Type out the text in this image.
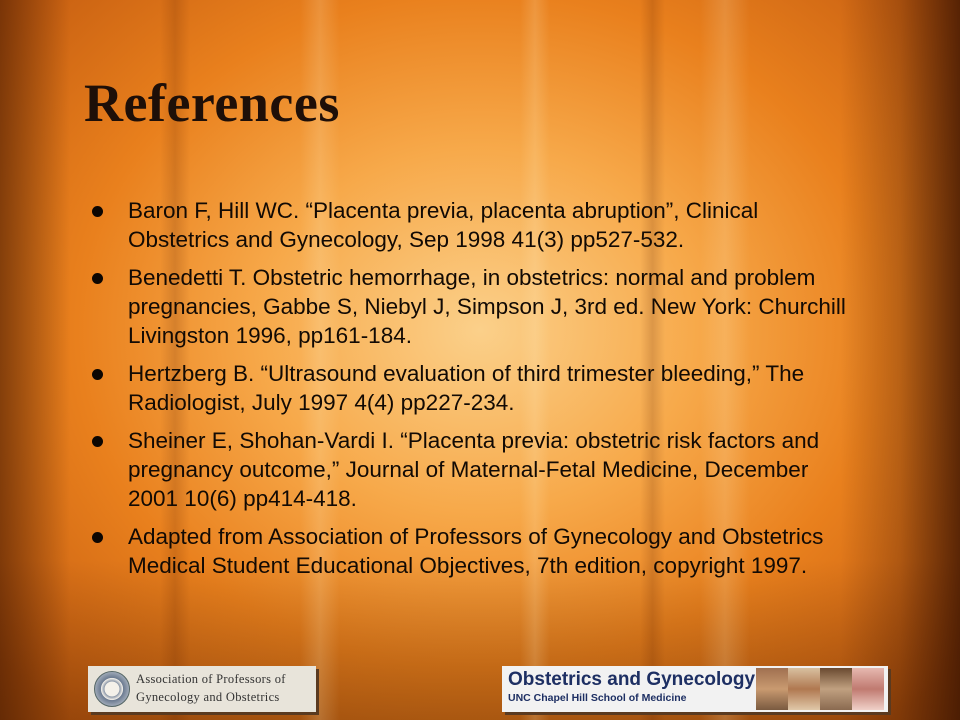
References
Baron F, Hill WC. “Placenta previa, placenta abruption”, Clinical Obstetrics and Gynecology, Sep 1998 41(3) pp527-532.
Benedetti T. Obstetric hemorrhage, in obstetrics: normal and problem pregnancies, Gabbe S, Niebyl J, Simpson J, 3rd ed. New York: Churchill Livingston 1996, pp161-184.
Hertzberg B. “Ultrasound evaluation of third trimester bleeding,” The Radiologist, July 1997 4(4) pp227-234.
Sheiner E, Shohan-Vardi I. “Placenta previa: obstetric risk factors and pregnancy outcome,” Journal of Maternal-Fetal Medicine, December 2001 10(6) pp414-418.
Adapted from Association of Professors of Gynecology and Obstetrics Medical Student Educational Objectives, 7th edition, copyright 1997.
Association of Professors of
Gynecology and Obstetrics
Obstetrics and Gynecology
UNC Chapel Hill School of Medicine
